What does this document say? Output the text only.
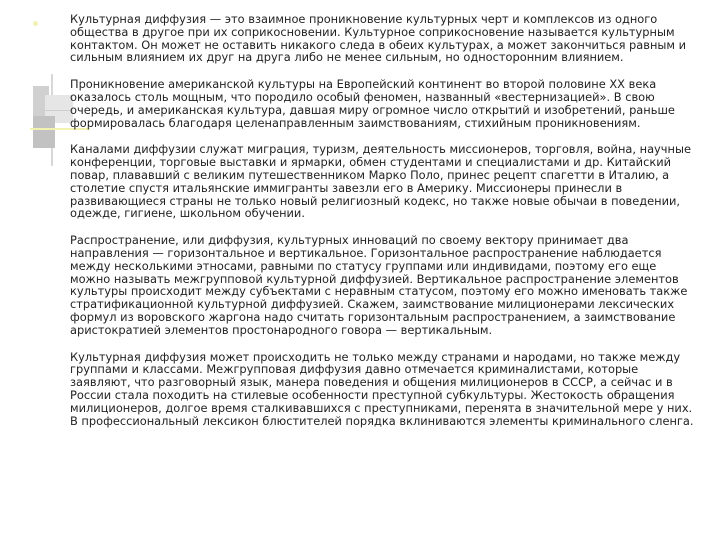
Культурная диффузия — это взаимное проникновение культурных черт и комплексов из одного общества в другое при их соприкосновении. Культурное соприкосновение называется культурным контактом. Он может не оставить никакого следа в обеих культурах, а может закончиться равным и сильным влиянием их друг на друга либо не менее сильным, но односторонним влиянием.

Проникновение американской культуры на Европейский континент во второй половине XX века оказалось столь мощным, что породило особый феномен, названный «вестернизацией». В свою очередь, и американская культура, давшая миру огромное число открытий и изобретений, раньше формировалась благодаря целенаправленным заимствованиям, стихийным проникновениям.

Каналами диффузии служат миграция, туризм, деятельность миссионеров, торговля, война, научные конференции, торговые выставки и ярмарки, обмен студентами и специалистами и др. Китайский повар, плававший с великим путешественником Марко Поло, принес рецепт спагетти в Италию, а столетие спустя итальянские иммигранты завезли его в Америку. Миссионеры принесли в развивающиеся страны не только новый религиозный кодекс, но также новые обычаи в поведении, одежде, гигиене, школьном обучении.

Распространение, или диффузия, культурных инноваций по своему вектору принимает два направления — горизонтальное и вертикальное. Горизонтальное распространение наблюдается между несколькими этносами, равными по статусу группами или индивидами, поэтому его еще можно называть межгрупповой культурной диффузией. Вертикальное распространение элементов культуры происходит между субъектами с неравным статусом, поэтому его можно именовать также стратификационной культурной диффузией. Скажем, заимствование милиционерами лексических формул из воровского жаргона надо считать горизонтальным распространением, а заимствование аристократией элементов простонародного говора — вертикальным.

Культурная диффузия может происходить не только между странами и народами, но также между группами и классами. Межгрупповая диффузия давно отмечается криминалистами, которые заявляют, что разговорный язык, манера поведения и общения милиционеров в СССР, а сейчас и в России стала походить на стилевые особенности преступной субкультуры. Жестокость обращения милиционеров, долгое время сталкивавшихся с преступниками, перенята в значительной мере у них. В профессиональный лексикон блюстителей порядка вклиниваются элементы криминального сленга.
